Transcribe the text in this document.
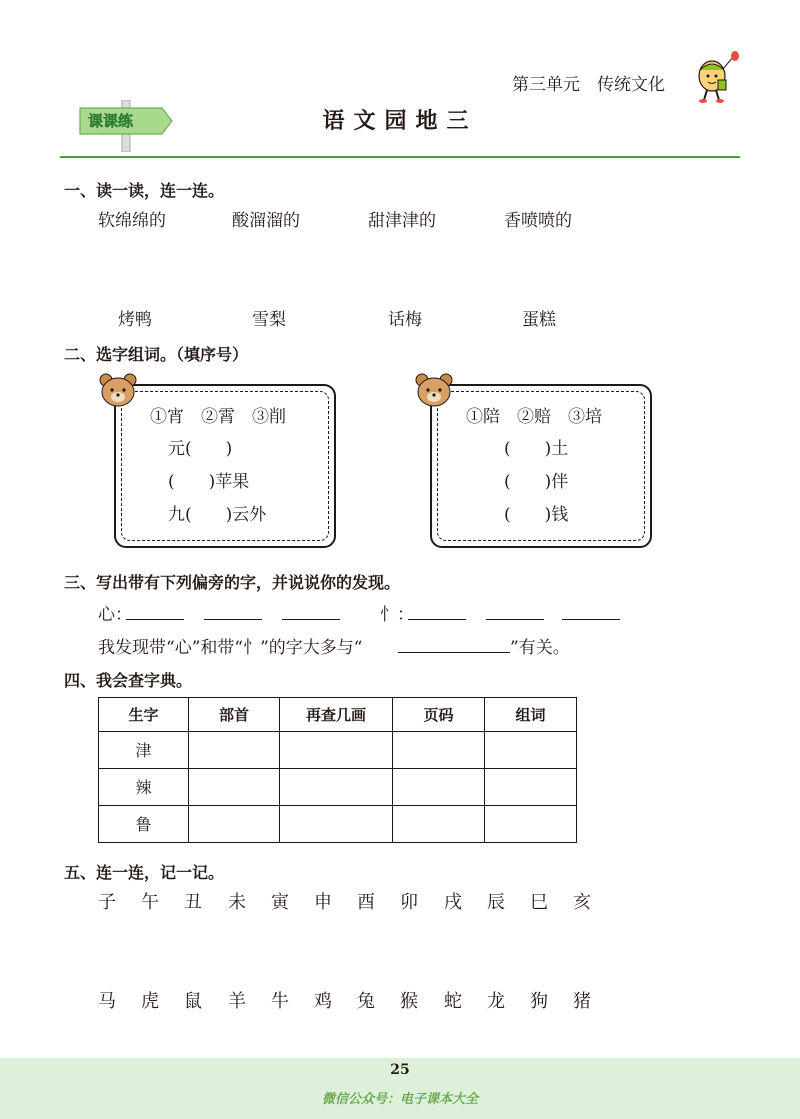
第三单元　传统文化
课课练	语文园地三
一、读一读，连一连。
软绵绵的	酸溜溜的	甜津津的	香喷喷的
烤鸭	雪梨	话梅	蛋糕
二、选字组词。（填序号）
①宵　②霄　③削
元(　　)
(　　)苹果
九(　　)云外
①陪　②赔　③培
(　　)土
(　　)伴
(　　)钱
三、写出带有下列偏旁的字，并说说你的发现。
心：	忄：
我发现带“心”和带“忄”的字大多与“	”有关。
四、我会查字典。
生字	部首	再查几画	页码	组词
津				
辣				
鲁				
五、连一连，记一记。
子 午 丑 未 寅 申 酉 卯 戌 辰 巳 亥
马 虎 鼠 羊 牛 鸡 兔 猴 蛇 龙 狗 猪
25
微信公众号：电子课本大全
